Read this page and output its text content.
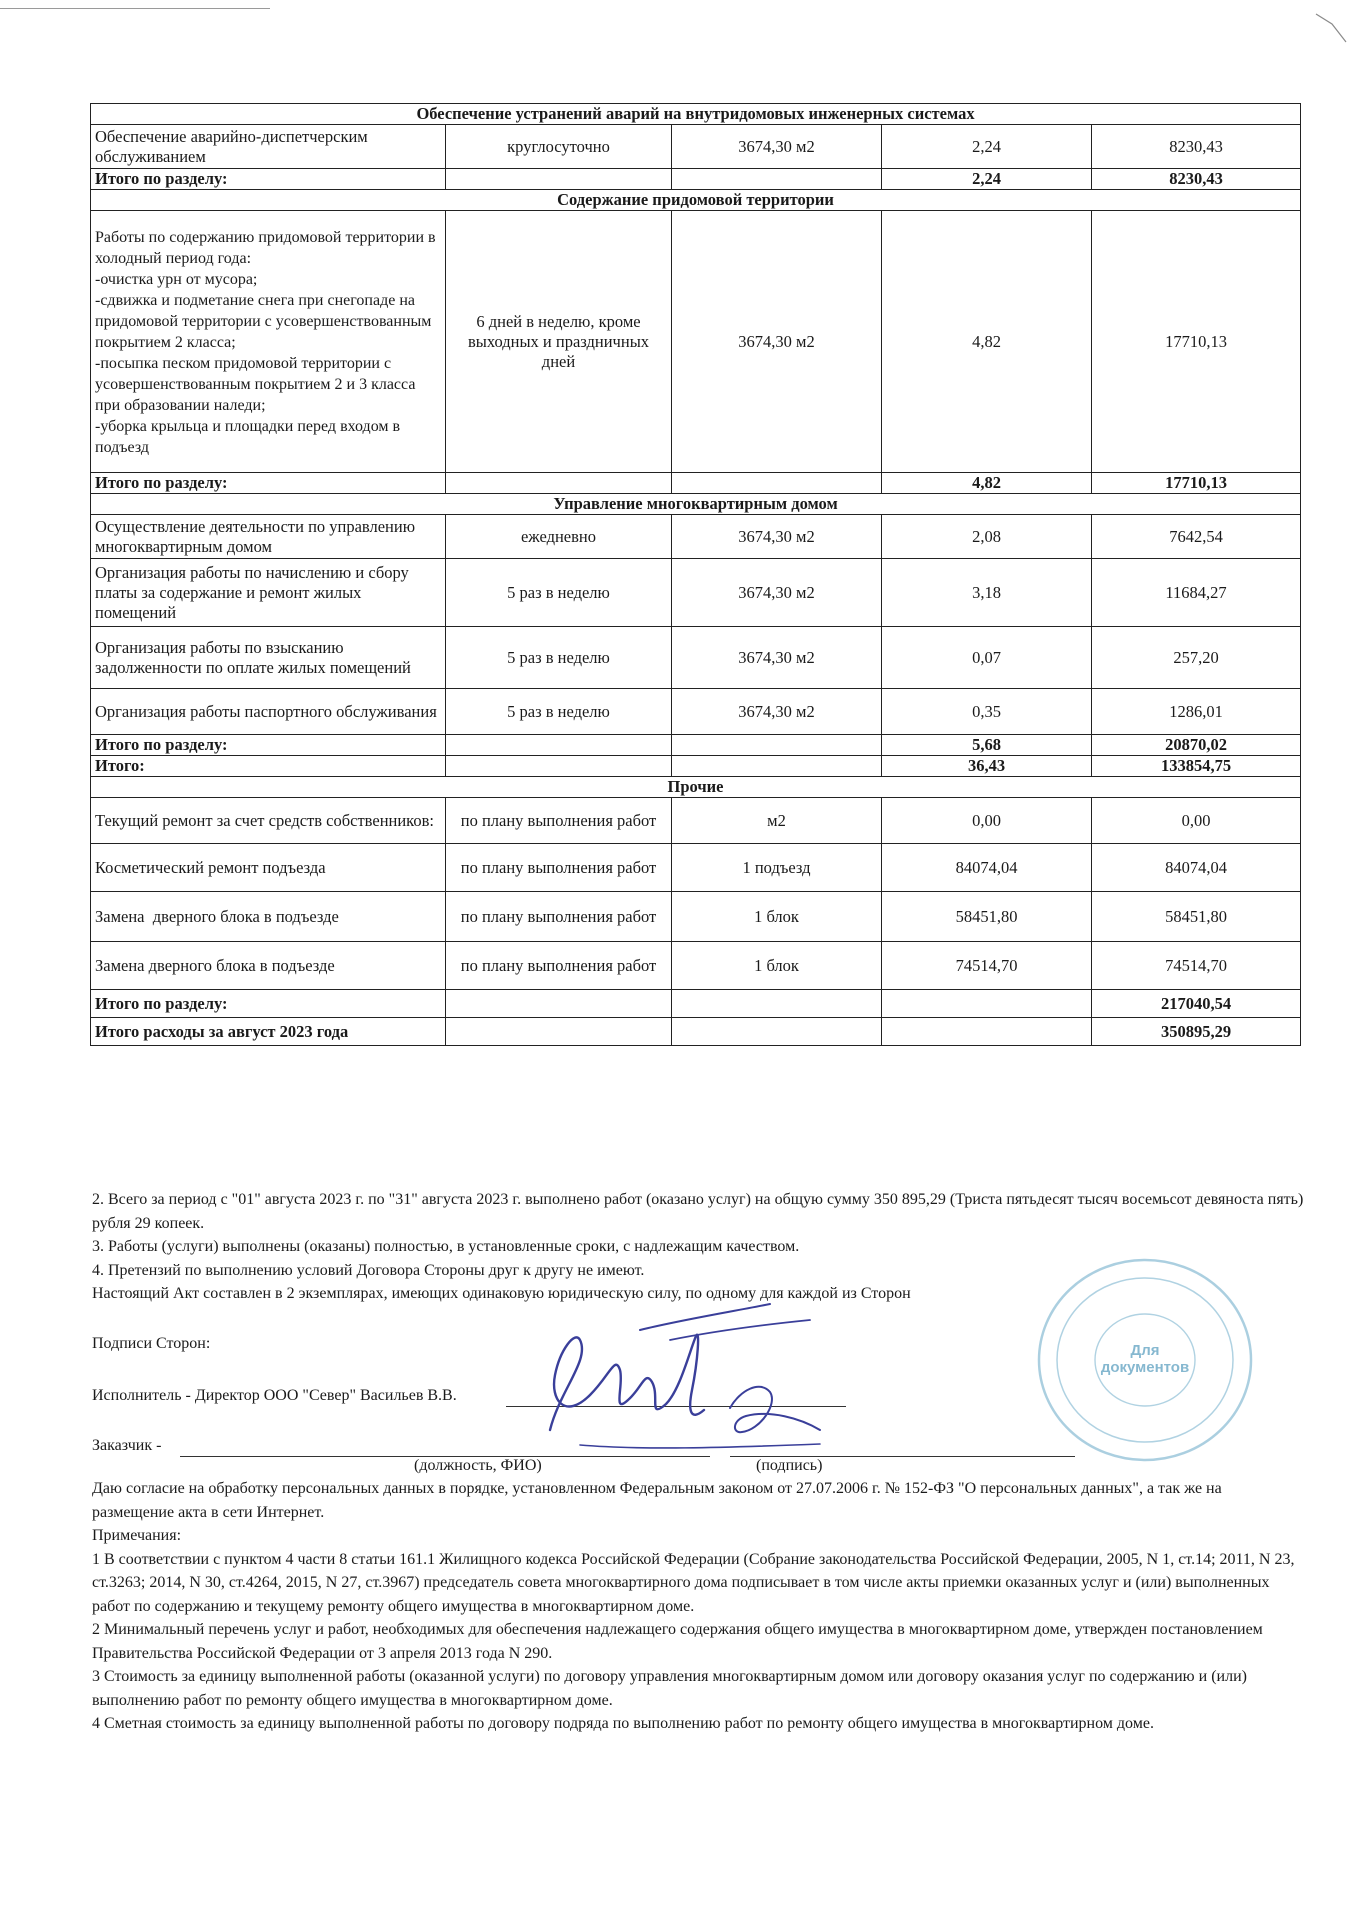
Обеспечение устранений аварий на внутридомовых инженерных системах				
Обеспечение аварийно-диспетчерским обслуживанием	круглосуточно	3674,30 м2	2,24	8230,43
Итого по разделу:			2,24	8230,43
Содержание придомовой территории				
Работы по содержанию придомовой территории в холодный период года:
-очистка урн от мусора;
-сдвижка и подметание снега при снегопаде на придомовой территории с усовершенствованным покрытием 2 класса;
-посыпка песком придомовой территории с усовершенствованным покрытием 2 и 3 класса при образовании наледи;
-уборка крыльца и площадки перед входом в подъезд	6 дней в неделю, кроме выходных и праздничных дней	3674,30 м2	4,82	17710,13
Итого по разделу:			4,82	17710,13
Управление многоквартирным домом				
Осуществление деятельности по управлению многоквартирным домом	ежедневно	3674,30 м2	2,08	7642,54
Организация работы по начислению и сбору платы за содержание и ремонт жилых помещений	5 раз в неделю	3674,30 м2	3,18	11684,27
Организация работы по взысканию задолженности по оплате жилых помещений	5 раз в неделю	3674,30 м2	0,07	257,20
Организация работы паспортного обслуживания	5 раз в неделю	3674,30 м2	0,35	1286,01
Итого по разделу:			5,68	20870,02
Итого:			36,43	133854,75
Прочие				
Текущий ремонт за счет средств собственников:	по плану выполнения работ	м2	0,00	0,00
Косметический ремонт подъезда	по плану выполнения работ	1 подъезд	84074,04	84074,04
Замена  дверного блока в подъезде	по плану выполнения работ	1 блок	58451,80	58451,80
Замена дверного блока в подъезде	по плану выполнения работ	1 блок	74514,70	74514,70
Итого по разделу:				217040,54
Итого расходы за август 2023 года				350895,29

2. Всего за период с "01" августа 2023 г. по "31" августа 2023 г. выполнено работ (оказано услуг) на общую сумму 350 895,29 (Триста пятьдесят тысяч восемьсот девяноста пять) рубля 29 копеек.

3. Работы (услуги) выполнены (оказаны) полностью, в установленные сроки, с надлежащим качеством.

4. Претензий по выполнению условий Договора Стороны друг к другу не имеют.

Настоящий Акт составлен в 2 экземплярах, имеющих одинаковую юридическую силу, по одному для каждой из Сторон

Подписи Сторон:
Исполнитель - Директор ООО "Север" Васильев В.В.
Заказчик -
(должность, ФИО)	(подпись)
Для
документов

Даю согласие на обработку персональных данных в порядке, установленном Федеральным законом от 27.07.2006 г. № 152-ФЗ "О персональных данных", а так же на размещение акта в сети Интернет.

Примечания:

1 В соответствии с пунктом 4 части 8 статьи 161.1 Жилищного кодекса Российской Федерации (Собрание законодательства Российской Федерации, 2005, N 1, ст.14; 2011, N 23, ст.3263; 2014, N 30, ст.4264, 2015, N 27, ст.3967) председатель совета многоквартирного дома подписывает в том числе акты приемки оказанных услуг и (или) выполненных работ по содержанию и текущему ремонту общего имущества в многоквартирном доме.

2 Минимальный перечень услуг и работ, необходимых для обеспечения надлежащего содержания общего имущества в многоквартирном доме, утвержден постановлением Правительства Российской Федерации от 3 апреля 2013 года N 290.

3 Стоимость за единицу выполненной работы (оказанной услуги) по договору управления многоквартирным домом или договору оказания услуг по содержанию и (или) выполнению работ по ремонту общего имущества в многоквартирном доме.

4 Сметная стоимость за единицу выполненной работы по договору подряда по выполнению работ по ремонту общего имущества в многоквартирном доме.
